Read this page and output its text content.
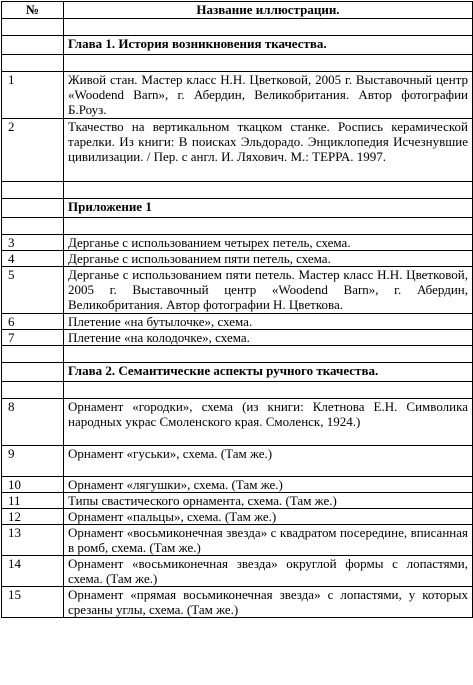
№	Название иллюстрации.

	Глава 1. История возникновения ткачества.

1	Живой стан. Мастер класс Н.Н. Цветковой, 2005 г. Выставочный центр «Woodend Barn», г. Абердин, Великобритания. Автор фотографии Б.Роуз.
2	Ткачество на вертикальном ткацком станке. Роспись керамической тарелки. Из книги: В поисках Эльдорадо. Энциклопедия Исчезнувшие цивилизации. / Пер. с англ. И. Ляхович. М.: ТЕРРА. 1997.

	Приложение 1

3	Дерганье с использованием четырех петель, схема.
4	Дерганье с использованием пяти петель, схема.
5	Дерганье с использованием пяти петель. Мастер класс Н.Н. Цветковой, 2005 г. Выставочный центр «Woodend Barn», г. Абердин, Великобритания. Автор фотографии Н. Цветкова.
6	Плетение «на бутылочке», схема.
7	Плетение «на колодочке», схема.

	Глава 2. Семантические аспекты ручного ткачества.

8	Орнамент «городки», схема (из книги: Клетнова Е.Н. Символика народных украс Смоленского края. Смоленск, 1924.)
9	Орнамент «гуськи», схема. (Там же.)
10	Орнамент «лягушки», схема. (Там же.)
11	Типы свастического орнамента, схема. (Там же.)
12	Орнамент «пальцы», схема. (Там же.)
13	Орнамент «восьмиконечная звезда» с квадратом посередине, вписанная в ромб, схема. (Там же.)
14	Орнамент «восьмиконечная звезда» округлой формы с лопастями, схема. (Там же.)
15	Орнамент «прямая восьмиконечная звезда» с лопастями, у которых срезаны углы, схема. (Там же.)
